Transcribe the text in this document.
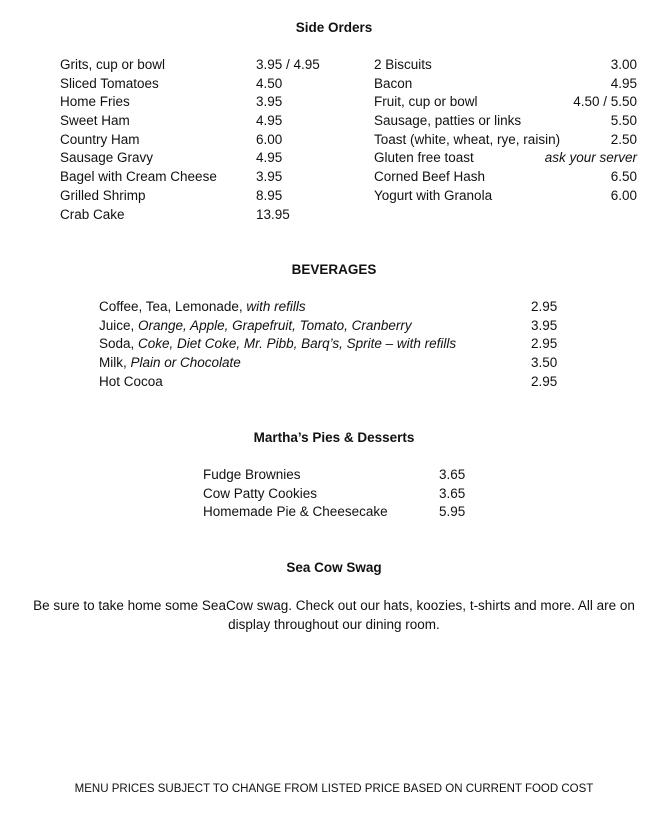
Side Orders
Grits, cup or bowl
Sliced Tomatoes
Home Fries
Sweet Ham
Country Ham
Sausage Gravy
Bagel with Cream Cheese
Grilled Shrimp
Crab Cake
3.95 / 4.95
4.50
3.95
4.95
6.00
4.95
3.95
8.95
13.95
2 Biscuits
Bacon
Fruit, cup or bowl
Sausage, patties or links
Toast (white, wheat, rye, raisin)
Gluten free toast
Corned Beef Hash
Yogurt with Granola
3.00
4.95
4.50 / 5.50
5.50
2.50
ask your server
6.50
6.00
BEVERAGES
Coffee, Tea, Lemonade, with refills
Juice, Orange, Apple, Grapefruit, Tomato, Cranberry
Soda, Coke, Diet Coke, Mr. Pibb, Barq’s, Sprite – with refills
Milk, Plain or Chocolate
Hot Cocoa
2.95
3.95
2.95
3.50
2.95
Martha’s Pies & Desserts
Fudge Brownies
Cow Patty Cookies
Homemade Pie & Cheesecake
3.65
3.65
5.95
Sea Cow Swag
Be sure to take home some SeaCow swag. Check out our hats, koozies, t-shirts and more. All are on display throughout our dining room.
MENU PRICES SUBJECT TO CHANGE FROM LISTED PRICE BASED ON CURRENT FOOD COST
